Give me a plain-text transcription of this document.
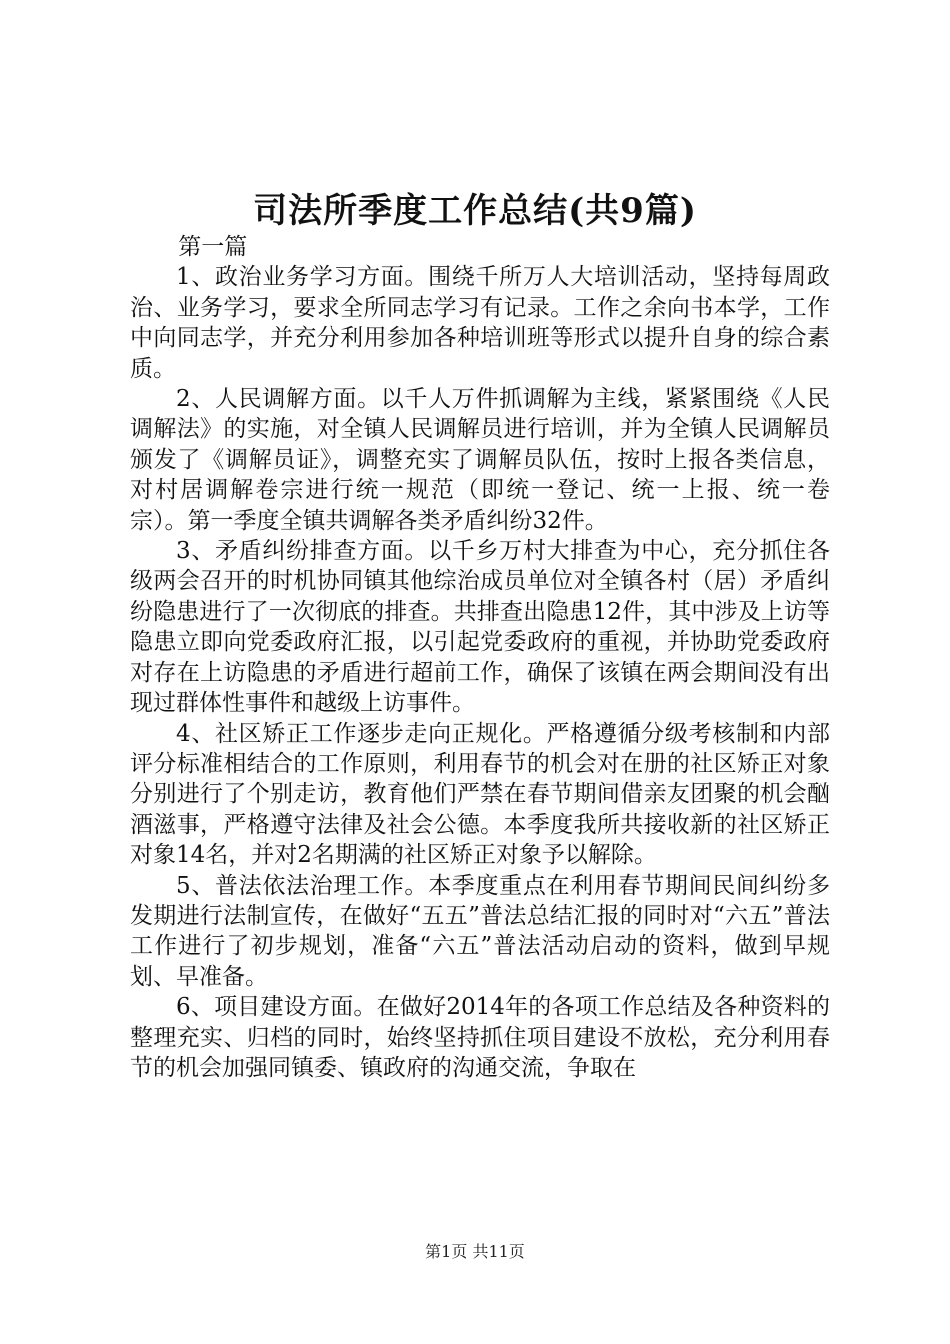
司法所季度工作总结(共9篇)

第一篇

1、政治业务学习方面。围绕千所万人大培训活动，坚持每周政治、业务学习，要求全所同志学习有记录。工作之余向书本学，工作中向同志学，并充分利用参加各种培训班等形式以提升自身的综合素质。

2、人民调解方面。以千人万件抓调解为主线，紧紧围绕《人民调解法》的实施，对全镇人民调解员进行培训，并为全镇人民调解员颁发了《调解员证》，调整充实了调解员队伍，按时上报各类信息，对村居调解卷宗进行统一规范（即统一登记、统一上报、统一卷宗）。第一季度全镇共调解各类矛盾纠纷32件。

3、矛盾纠纷排查方面。以千乡万村大排查为中心，充分抓住各级两会召开的时机协同镇其他综治成员单位对全镇各村（居）矛盾纠纷隐患进行了一次彻底的排查。共排查出隐患12件，其中涉及上访等隐患立即向党委政府汇报，以引起党委政府的重视，并协助党委政府对存在上访隐患的矛盾进行超前工作，确保了该镇在两会期间没有出现过群体性事件和越级上访事件。

4、社区矫正工作逐步走向正规化。严格遵循分级考核制和内部评分标准相结合的工作原则，利用春节的机会对在册的社区矫正对象分别进行了个别走访，教育他们严禁在春节期间借亲友团聚的机会酗酒滋事，严格遵守法律及社会公德。本季度我所共接收新的社区矫正对象14名，并对2名期满的社区矫正对象予以解除。

5、普法依法治理工作。本季度重点在利用春节期间民间纠纷多发期进行法制宣传，在做好“五五”普法总结汇报的同时对“六五”普法工作进行了初步规划，准备“六五”普法活动启动的资料，做到早规划、早准备。

6、项目建设方面。在做好2014年的各项工作总结及各种资料的整理充实、归档的同时，始终坚持抓住项目建设不放松，充分利用春节的机会加强同镇委、镇政府的沟通交流，争取在

第1页 共11页
